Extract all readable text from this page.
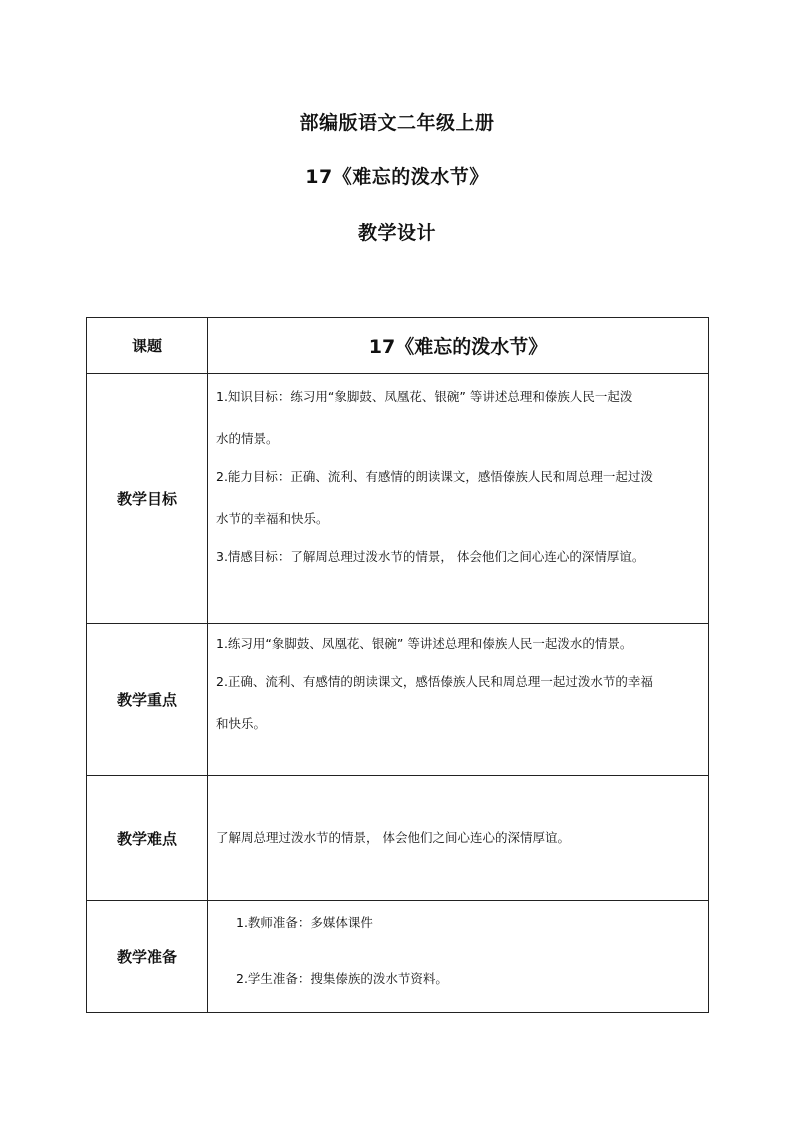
部编版语文二年级上册
17《难忘的泼水节》
教学设计
课题	17《难忘的泼水节》
教学目标	1.知识目标：练习用“象脚鼓、凤凰花、银碗” 等讲述总理和傣族人民一起泼
水的情景。

2.能力目标：正确、流利、有感情的朗读课文，感悟傣族人民和周总理一起过泼
水节的幸福和快乐。

3.情感目标：了解周总理过泼水节的情景， 体会他们之间心连心的深情厚谊。

教学重点	1.练习用“象脚鼓、凤凰花、银碗” 等讲述总理和傣族人民一起泼水的情景。

2.正确、流利、有感情的朗读课文，感悟傣族人民和周总理一起过泼水节的幸福
和快乐。

教学难点	了解周总理过泼水节的情景， 体会他们之间心连心的深情厚谊。

教学准备	1.教师准备：多媒体课件

2.学生准备：搜集傣族的泼水节资料。
